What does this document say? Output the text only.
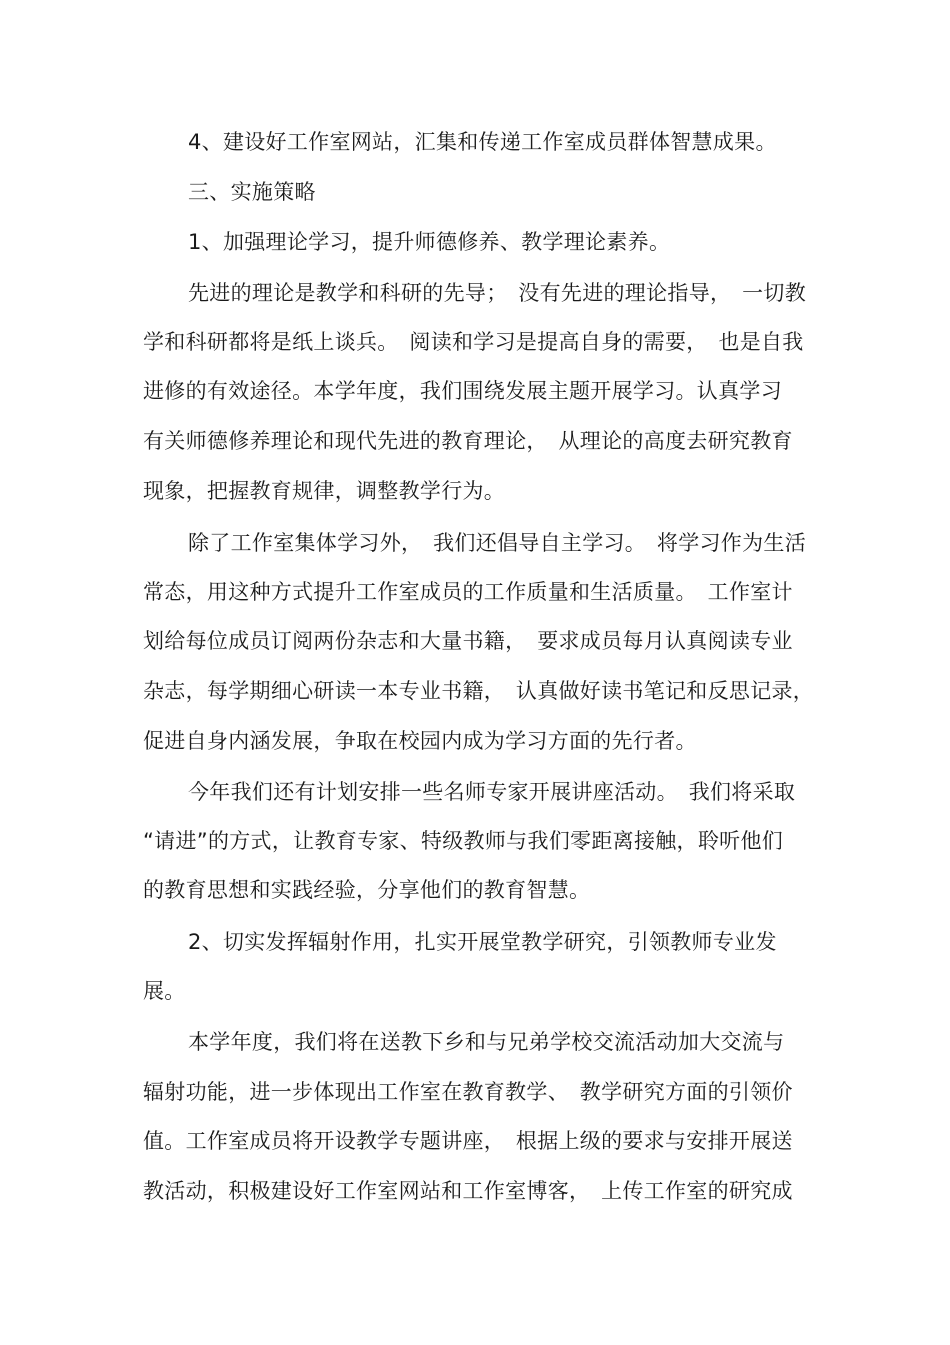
4、建设好工作室网站，汇集和传递工作室成员群体智慧成果。
三、实施策略
1、加强理论学习，提升师德修养、教学理论素养。
先进的理论是教学和科研的先导；　没有先进的理论指导，　一切教
学和科研都将是纸上谈兵。　阅读和学习是提高自身的需要，　也是自我
进修的有效途径。本学年度，我们围绕发展主题开展学习。认真学习
有关师德修养理论和现代先进的教育理论，　从理论的高度去研究教育
现象，把握教育规律，调整教学行为。
除了工作室集体学习外，　我们还倡导自主学习。　将学习作为生活
常态，用这种方式提升工作室成员的工作质量和生活质量。　工作室计
划给每位成员订阅两份杂志和大量书籍，　要求成员每月认真阅读专业
杂志，每学期细心研读一本专业书籍，　认真做好读书笔记和反思记录，
促进自身内涵发展，争取在校园内成为学习方面的先行者。
今年我们还有计划安排一些名师专家开展讲座活动。　我们将采取
“请进”的方式，让教育专家、特级教师与我们零距离接触，聆听他们
的教育思想和实践经验，分享他们的教育智慧。
2、切实发挥辐射作用，扎实开展堂教学研究，引领教师专业发
展。
本学年度，我们将在送教下乡和与兄弟学校交流活动加大交流与
辐射功能，进一步体现出工作室在教育教学、　教学研究方面的引领价
值。工作室成员将开设教学专题讲座，　根据上级的要求与安排开展送
教活动，积极建设好工作室网站和工作室博客，　上传工作室的研究成
